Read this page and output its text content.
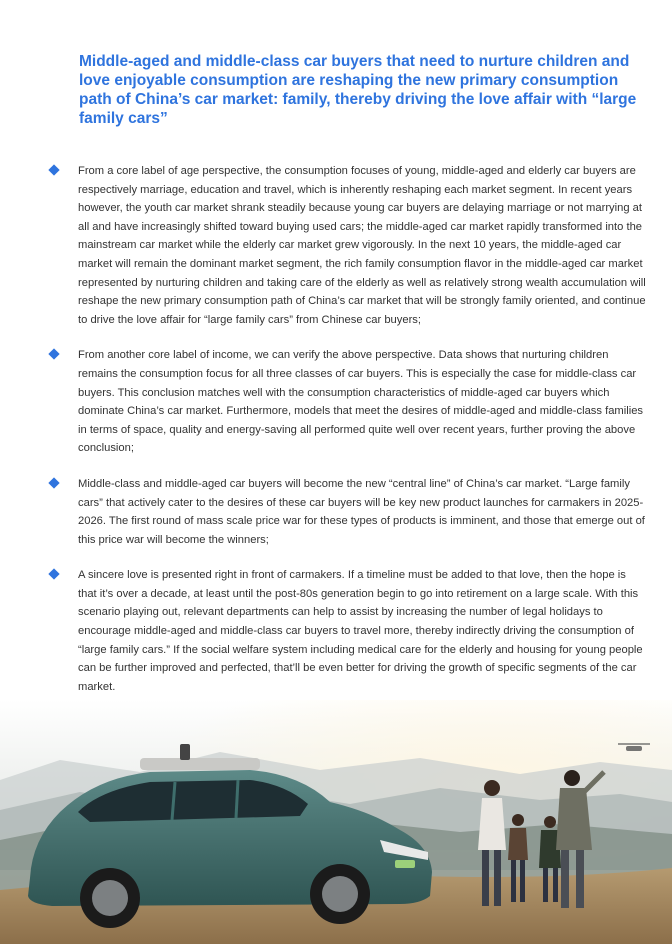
Middle-aged and middle-class car buyers that need to nurture children and love enjoyable consumption are reshaping the new primary consumption path of China’s car market: family, thereby driving the love affair with “large family cars”

From a core label of age perspective, the consumption focuses of young, middle-aged and elderly car buyers are respectively marriage, education and travel, which is inherently reshaping each market segment. In recent years however, the youth car market shrank steadily because young car buyers are delaying marriage or not marrying at all and have increasingly shifted toward buying used cars; the middle-aged car market rapidly transformed into the mainstream car market while the elderly car market grew vigorously. In the next 10 years, the middle-aged car market will remain the dominant market segment, the rich family consumption flavor in the middle-aged car market represented by nurturing children and taking care of the elderly as well as relatively strong wealth accumulation will reshape the new primary consumption path of China’s car market that will be strongly family oriented, and continue to drive the love affair for “large family cars” from Chinese car buyers;

From another core label of income, we can verify the above perspective. Data shows that nurturing children remains the consumption focus for all three classes of car buyers. This is especially the case for middle-class car buyers. This conclusion matches well with the consumption characteristics of middle-aged car buyers which dominate China’s car market. Furthermore, models that meet the desires of middle-aged and middle-class families in terms of space, quality and energy-saving all performed quite well over recent years, further proving the above conclusion;

Middle-class and middle-aged car buyers will become the new “central line” of China’s car market. “Large family cars” that actively cater to the desires of these car buyers will be key new product launches for carmakers in 2025-2026. The first round of mass scale price war for these types of products is imminent, and those that emerge out of this price war will become the winners;

A sincere love is presented right in front of carmakers. If a timeline must be added to that love, then the hope is that it’s over a decade, at least until the post-80s generation begin to go into retirement on a large scale. With this scenario playing out, relevant departments can help to assist by increasing the number of legal holidays to encourage middle-aged and middle-class car buyers to travel more, thereby indirectly driving the consumption of “large family cars.” If the social welfare system including medical care for the elderly and housing for young people can be further improved and perfected, that’ll be even better for driving the growth of specific segments of the car market.
